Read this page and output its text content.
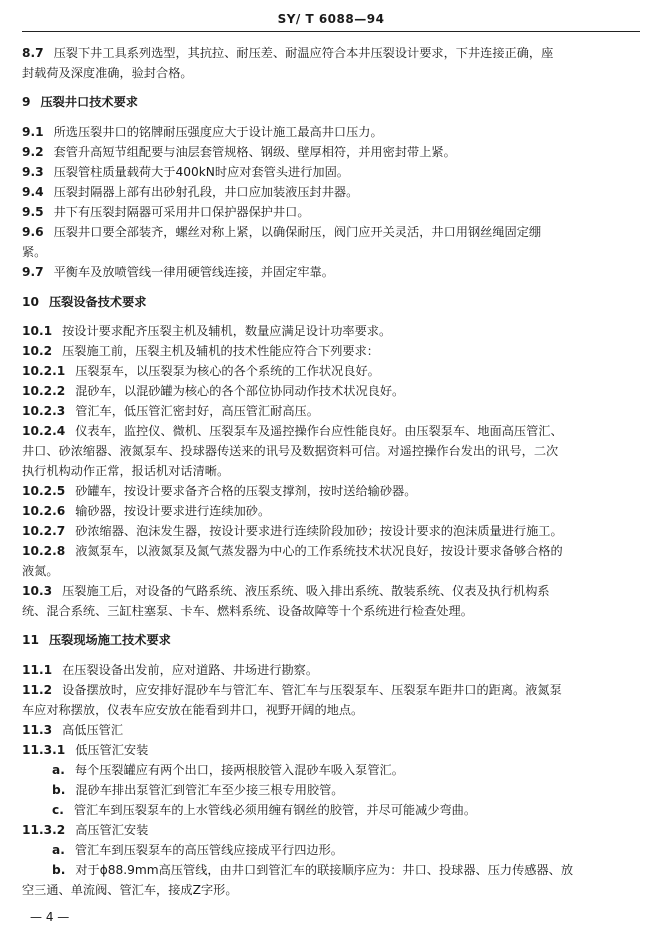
SY/ T 6088—94
8.7 压裂下井工具系列选型，其抗拉、耐压差、耐温应符合本井压裂设计要求，下井连接正确，座
封载荷及深度准确，验封合格。
9 压裂井口技术要求
9.1 所选压裂井口的铭牌耐压强度应大于设计施工最高井口压力。
9.2 套管升高短节组配要与油层套管规格、钢级、壁厚相符，并用密封带上紧。
9.3 压裂管柱质量载荷大于400kN时应对套管头进行加固。
9.4 压裂封隔器上部有出砂射孔段，井口应加装液压封井器。
9.5 井下有压裂封隔器可采用井口保护器保护井口。
9.6 压裂井口要全部装齐，螺丝对称上紧，以确保耐压，阀门应开关灵活，井口用钢丝绳固定绷
紧。
9.7 平衡车及放喷管线一律用硬管线连接，并固定牢靠。
10 压裂设备技术要求
10.1 按设计要求配齐压裂主机及辅机，数量应满足设计功率要求。
10.2 压裂施工前，压裂主机及辅机的技术性能应符合下列要求：
10.2.1 压裂泵车，以压裂泵为核心的各个系统的工作状况良好。
10.2.2 混砂车，以混砂罐为核心的各个部位协同动作技术状况良好。
10.2.3 管汇车，低压管汇密封好，高压管汇耐高压。
10.2.4 仪表车，监控仪、微机、压裂泵车及遥控操作台应性能良好。由压裂泵车、地面高压管汇、
井口、砂浓缩器、液氮泵车、投球器传送来的讯号及数据资料可信。对遥控操作台发出的讯号，二次
执行机构动作正常，报话机对话清晰。
10.2.5 砂罐车，按设计要求备齐合格的压裂支撑剂，按时送给输砂器。
10.2.6 输砂器，按设计要求进行连续加砂。
10.2.7 砂浓缩器、泡沫发生器，按设计要求进行连续阶段加砂；按设计要求的泡沫质量进行施工。
10.2.8 液氮泵车，以液氮泵及氮气蒸发器为中心的工作系统技术状况良好，按设计要求备够合格的
液氮。
10.3 压裂施工后，对设备的气路系统、液压系统、吸入排出系统、散装系统、仪表及执行机构系
统、混合系统、三缸柱塞泵、卡车、燃料系统、设备故障等十个系统进行检查处理。
11 压裂现场施工技术要求
11.1 在压裂设备出发前，应对道路、井场进行勘察。
11.2 设备摆放时，应安排好混砂车与管汇车、管汇车与压裂泵车、压裂泵车距井口的距离。液氮泵
车应对称摆放，仪表车应安放在能看到井口，视野开阔的地点。
11.3 高低压管汇
11.3.1 低压管汇安装
a. 每个压裂罐应有两个出口，接两根胶管入混砂车吸入泵管汇。
b. 混砂车排出泵管汇到管汇车至少接三根专用胶管。
c. 管汇车到压裂泵车的上水管线必须用缠有钢丝的胶管，并尽可能减少弯曲。
11.3.2 高压管汇安装
a. 管汇车到压裂泵车的高压管线应接成平行四边形。
b. 对于ϕ88.9mm高压管线，由井口到管汇车的联接顺序应为：井口、投球器、压力传感器、放
空三通、单流阀、管汇车，接成Z字形。
— 4 —
